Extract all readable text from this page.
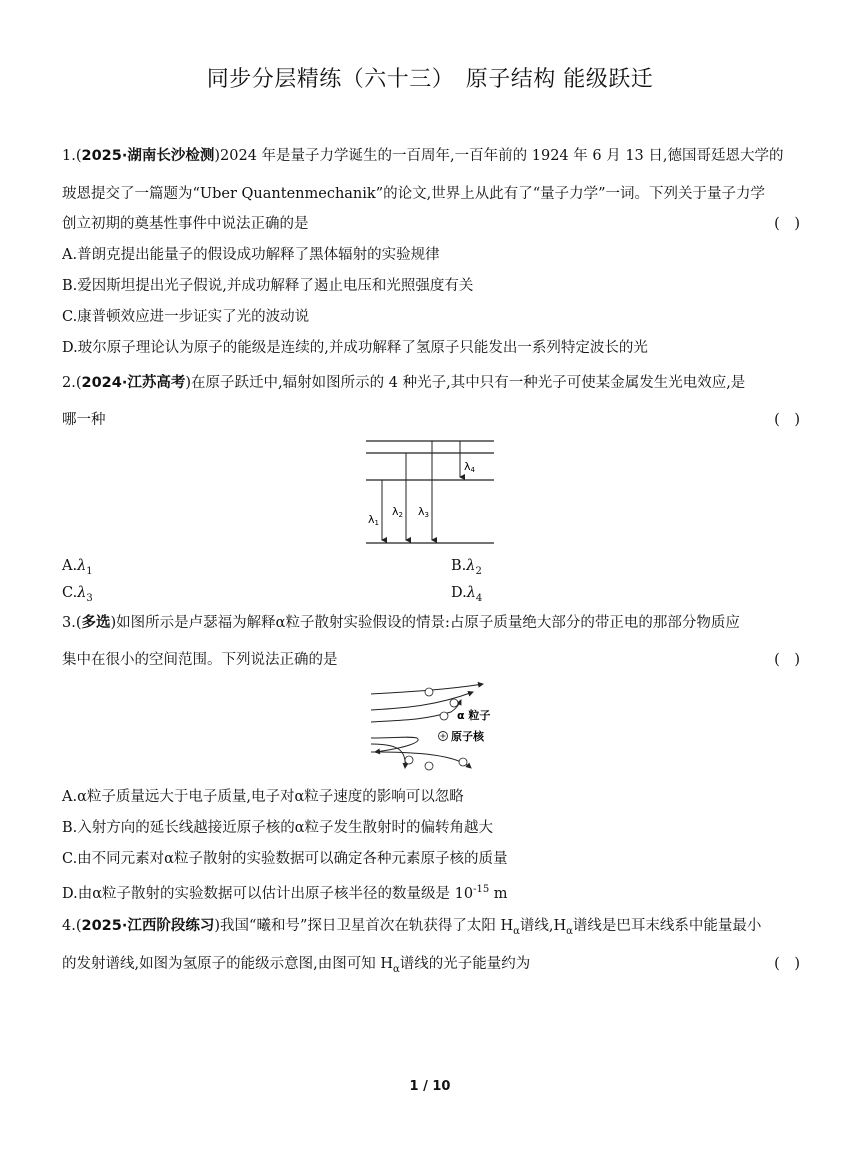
同步分层精练（六十三）　原子结构 能级跃迁
1.(2025·湖南长沙检测)2024 年是量子力学诞生的一百周年,一百年前的 1924 年 6 月 13 日,德国哥廷恩大学的
玻恩提交了一篇题为“Uber Quantenmechanik”的论文,世界上从此有了“量子力学”一词。下列关于量子力学
创立初期的奠基性事件中说法正确的是	(　)
A.普朗克提出能量子的假设成功解释了黑体辐射的实验规律
B.爱因斯坦提出光子假说,并成功解释了遏止电压和光照强度有关
C.康普顿效应进一步证实了光的波动说
D.玻尔原子理论认为原子的能级是连续的,并成功解释了氢原子只能发出一系列特定波长的光
2.(2024·江苏高考)在原子跃迁中,辐射如图所示的 4 种光子,其中只有一种光子可使某金属发生光电效应,是
哪一种	(　)
λ1
λ2 λ3
λ4
$A.\lambda_1$	$B.\lambda_2$
$C.\lambda_3$	$D.\lambda_4$
3.(多选)如图所示是卢瑟福为解释α粒子散射实验假设的情景:占原子质量绝大部分的带正电的那部分物质应
集中在很小的空间范围。下列说法正确的是	(　)
α 粒子
原子核
A.α粒子质量远大于电子质量,电子对α粒子速度的影响可以忽略
B.入射方向的延长线越接近原子核的α粒子发生散射时的偏转角越大
C.由不同元素对α粒子散射的实验数据可以确定各种元素原子核的质量
D.由α粒子散射的实验数据可以估计出原子核半径的数量级是 $10^{-15}$ m
4.(2025·江西阶段练习)我国“曦和号”探日卫星首次在轨获得了太阳 $H_\alpha$谱线$,H_\alpha$谱线是巴耳末线系中能量最小
的发射谱线,如图为氢原子的能级示意图,由图可知 $H_\alpha$谱线的光子能量约为	(　)
1 / 10
